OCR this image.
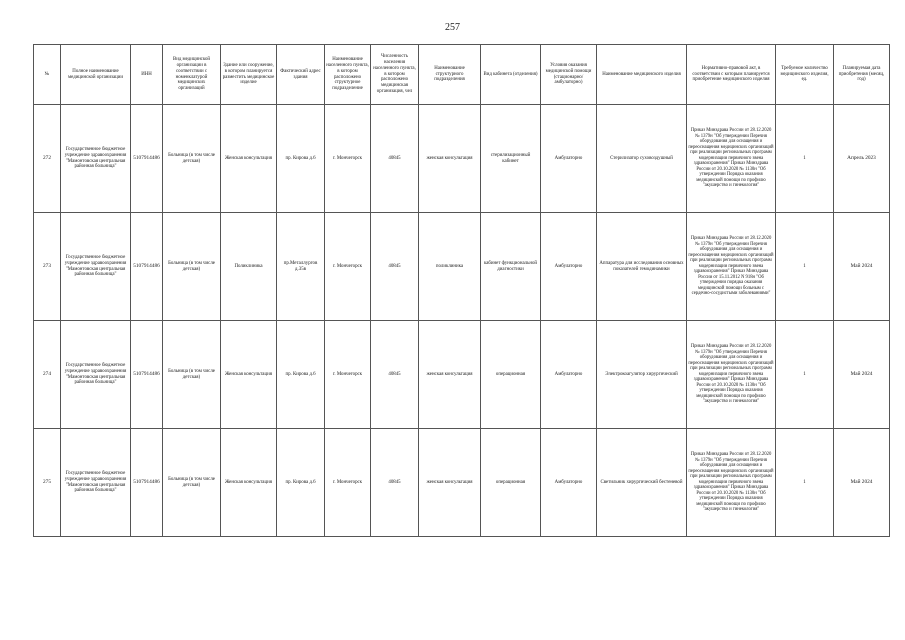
257
№	Полное наименование медицинской организации	ИНН	Вид медицинской организации в соответствии с номенклатурой медицинских организаций	Здание или сооружение, в котором планируется разместить медицинское изделие	Фактический адрес здания	Наименование населенного пункта, в котором расположено структурное подразделение	Численность населения населенного пункта, в котором расположено медицинская организация, чел	Наименование структурного подразделения	Вид кабинета (отделения)	Условия оказания медицинской помощи (стационарно/ амбулаторно)	Наименование медицинского изделия	Нормативно-правовой акт, в соответствии с которым планируется приобретение медицинского изделия	Требуемое количество медицинского изделия, ед.	Планируемая дата приобретения (месяц, год)
272	Государственное бюджетное учреждение здравоохранения "Мамонтовская центральная районная больница"	5107914486	Больница (в том числе детская)	Женская консультация	пр. Кирова д.6	г. Мончегорск	40845	женская консультация	стерилизационный кабинет	Амбулаторно	Стерилизатор суховоздушный	Приказ Минздрава России от 28.12.2020 № 1379н "Об утверждении Перечня оборудования для оснащения и переоснащения медицинских организаций при реализации региональных программ модернизации первичного звена здравоохранения" Приказ Минздрава России от 20.10.2020 № 1130н "Об утверждении Порядка оказания медицинской помощи по профилю "акушерство и гинекология"	1	Апрель 2023
273	Государственное бюджетное учреждение здравоохранения "Мамонтовская центральная районная больница"	5107914486	Больница (в том числе детская)	Поликлиника	пр.Металлургов д.35в	г. Мончегорск	40845	поликлиника	кабинет функциональной диагностики	Амбулаторно	Аппаратура для исследования основных показателей гемодинамики	Приказ Минздрава России от 28.12.2020 № 1379н "Об утверждении Перечня оборудования для оснащения и переоснащения медицинских организаций при реализации региональных программ модернизации первичного звена здравоохранения" Приказ Минздрава России от 15.11.2012 N 918н "Об утверждении порядка оказания медицинской помощи больным с сердечно-сосудистыми заболеваниями"	1	Май 2024
274	Государственное бюджетное учреждение здравоохранения "Мамонтовская центральная районная больница"	5107914486	Больница (в том числе детская)	Женская консультация	пр. Кирова д.6	г. Мончегорск	40845	женская консультация	операционная	Амбулаторно	Электрокоагулятор хирургический	Приказ Минздрава России от 28.12.2020 № 1379н "Об утверждении Перечня оборудования для оснащения и переоснащения медицинских организаций при реализации региональных программ модернизации первичного звена здравоохранения" Приказ Минздрава России от 20.10.2020 № 1130н "Об утверждении Порядка оказания медицинской помощи по профилю "акушерство и гинекология"	1	Май 2024
275	Государственное бюджетное учреждение здравоохранения "Мамонтовская центральная районная больница"	5107914486	Больница (в том числе детская)	Женская консультация	пр. Кирова д.6	г. Мончегорск	40845	женская консультация	операционная	Амбулаторно	Светильник хирургический бестеневой	Приказ Минздрава России от 28.12.2020 № 1379н "Об утверждении Перечня оборудования для оснащения и переоснащения медицинских организаций при реализации региональных программ модернизации первичного звена здравоохранения" Приказ Минздрава России от 20.10.2020 № 1130н "Об утверждении Порядка оказания медицинской помощи по профилю "акушерство и гинекология"	1	Май 2024
